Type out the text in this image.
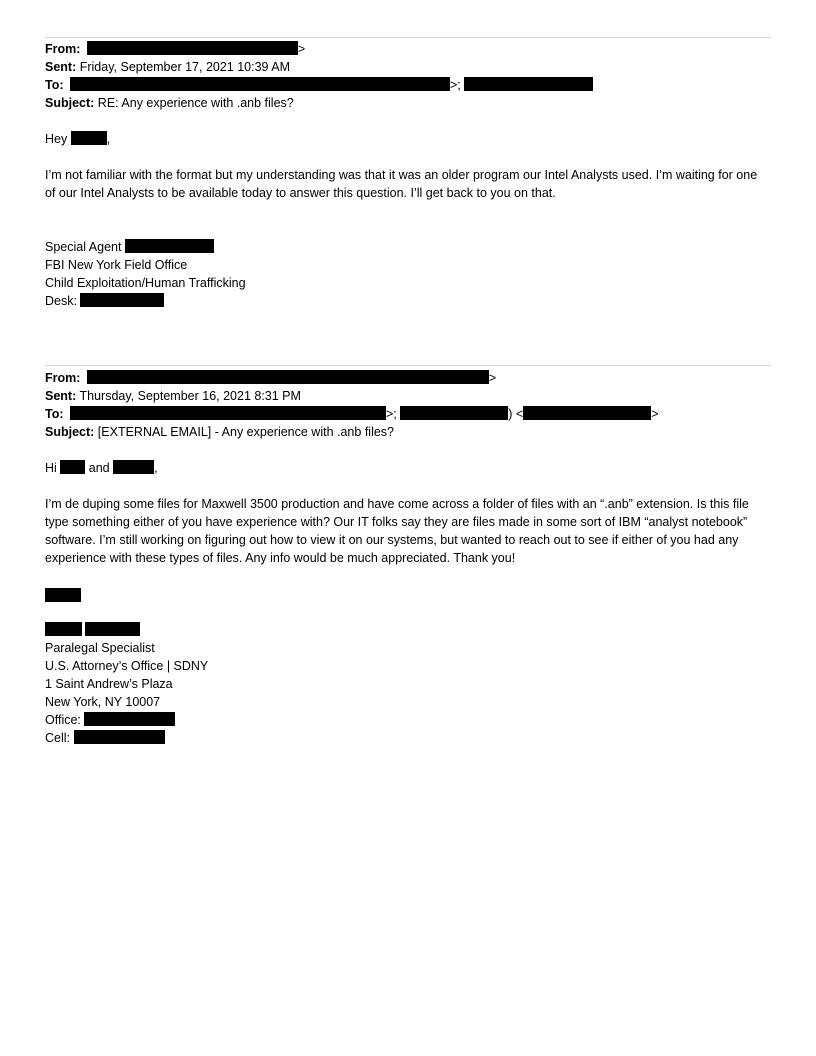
From:	>
Sent: Friday, September 17, 2021 10:39 AM
To:	>;
Subject: RE: Any experience with .anb files?
Hey	,
I’m not familiar with the format but my understanding was that it was an older program our Intel Analysts used. I’m waiting for one of our Intel Analysts to be available today to answer this question. I’ll get back to you on that.
Special Agent
FBI New York Field Office
Child Exploitation/Human Trafficking
Desk:
From:	>
Sent: Thursday, September 16, 2021 8:31 PM
To:	>;	) <	>
Subject: [EXTERNAL EMAIL] - Any experience with .anb files?
Hi	and	,
I’m de duping some files for Maxwell 3500 production and have come across a folder of files with an “.anb” extension. Is this file type something either of you have experience with? Our IT folks say they are files made in some sort of IBM “analyst notebook” software. I’m still working on figuring out how to view it on our systems, but wanted to reach out to see if either of you had any experience with these types of files. Any info would be much appreciated. Thank you!

Paralegal Specialist
U.S. Attorney’s Office | SDNY
1 Saint Andrew’s Plaza
New York, NY 10007
Office:
Cell:
